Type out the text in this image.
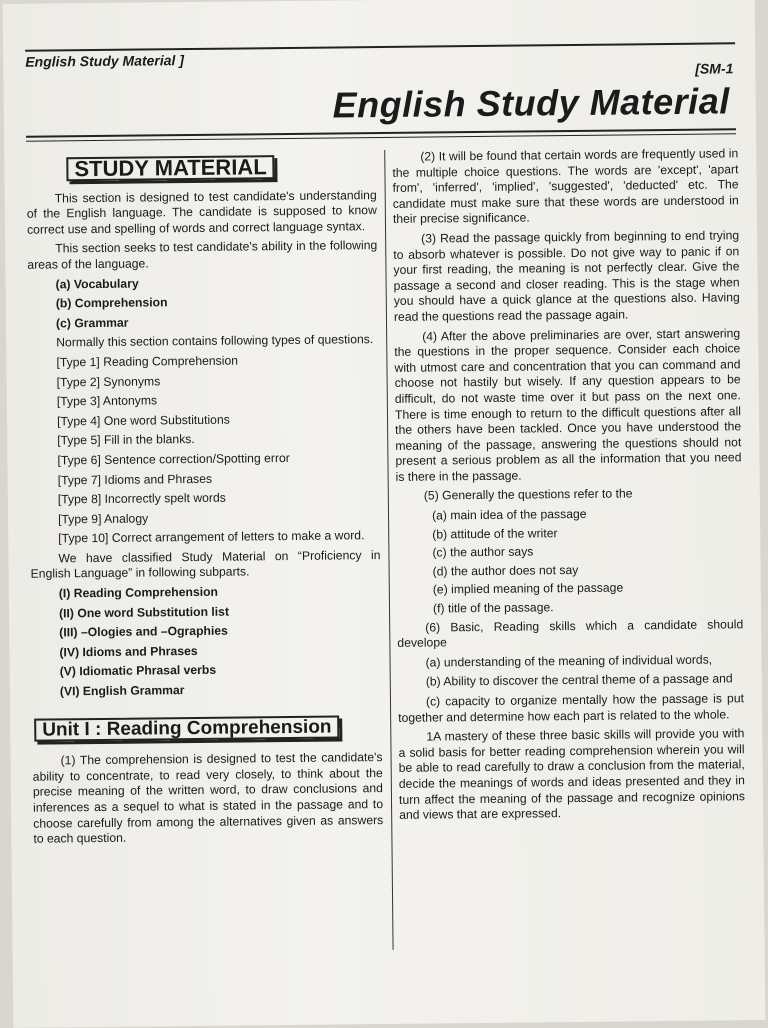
English Study Material ]	[SM-1
English Study Material
STUDY MATERIAL

This section is designed to test candidate's understanding of the English language. The candidate is supposed to know correct use and spelling of words and correct language syntax.

This section seeks to test candidate's ability in the following areas of the language.

(a) Vocabulary
(b) Comprehension
(c) Grammar

Normally this section contains following types of questions.

[Type 1] Reading Comprehension
[Type 2] Synonyms
[Type 3] Antonyms
[Type 4] One word Substitutions
[Type 5] Fill in the blanks.
[Type 6] Sentence correction/Spotting error
[Type 7] Idioms and Phrases
[Type 8] Incorrectly spelt words
[Type 9] Analogy
[Type 10] Correct arrangement of letters to make a word.

We have classified Study Material on “Proficiency in English Language” in following subparts.

(I) Reading Comprehension
(II) One word Substitution list
(III) –Ologies and –Ographies
(IV) Idioms and Phrases
(V) Idiomatic Phrasal verbs
(VI) English Grammar
Unit I : Reading Comprehension

(1) The comprehension is designed to test the candidate's ability to concentrate, to read very closely, to think about the precise meaning of the written word, to draw conclusions and inferences as a sequel to what is stated in the passage and to choose carefully from among the alternatives given as answers to each question.

(2) It will be found that certain words are frequently used in the multiple choice questions. The words are 'except', 'apart from', 'inferred', 'implied', 'suggested', 'deducted' etc. The candidate must make sure that these words are understood in their precise significance.

(3) Read the passage quickly from beginning to end trying to absorb whatever is possible. Do not give way to panic if on your first reading, the meaning is not perfectly clear. Give the passage a second and closer reading. This is the stage when you should have a quick glance at the questions also. Having read the questions read the passage again.

(4) After the above preliminaries are over, start answering the questions in the proper sequence. Consider each choice with utmost care and concentration that you can command and choose not hastily but wisely. If any question appears to be difficult, do not waste time over it but pass on the next one. There is time enough to return to the difficult questions after all the others have been tackled. Once you have understood the meaning of the passage, answering the questions should not present a serious problem as all the information that you need is there in the passage.

(5) Generally the questions refer to the

(a) main idea of the passage
(b) attitude of the writer
(c) the author says
(d) the author does not say
(e) implied meaning of the passage
(f) title of the passage.

(6) Basic, Reading skills which a candidate should develope

(a) understanding of the meaning of individual words,

(b) Ability to discover the central theme of a passage and

(c) capacity to organize mentally how the passage is put together and determine how each part is related to the whole.

1A mastery of these three basic skills will provide you with a solid basis for better reading comprehension wherein you will be able to read carefully to draw a conclusion from the material, decide the meanings of words and ideas presented and they in turn affect the meaning of the passage and recognize opinions and views that are expressed.
